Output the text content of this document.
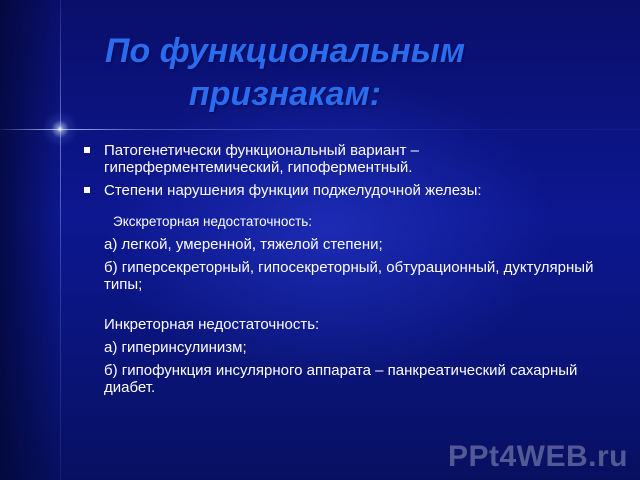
По функциональным
признакам:
Патогенетически функциональный вариант – гиперферментемический, гипоферментный.
Степени нарушения функции поджелудочной железы:
Экскреторная недостаточность:
а) легкой, умеренной, тяжелой степени;
б) гиперсекреторный, гипосекреторный, обтурационный, дуктулярный типы;
Инкреторная недостаточность:
а) гиперинсулинизм;
б) гипофункция инсулярного аппарата – панкреатический сахарный диабет.
PPt4WEB.ru
